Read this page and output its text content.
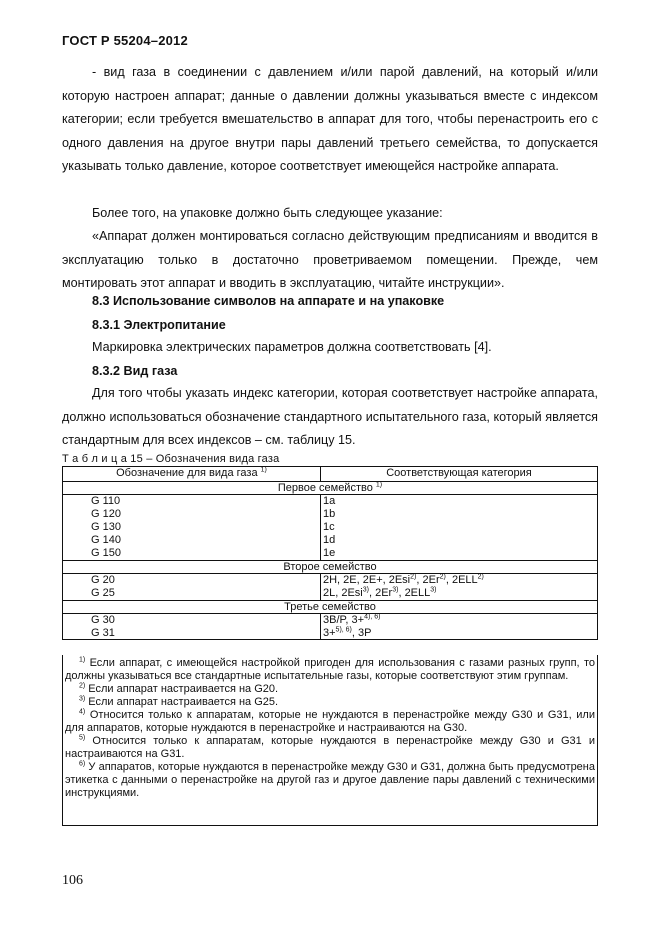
ГОСТ Р 55204–2012
- вид газа в соединении с давлением и/или парой давлений, на который и/или которую настроен аппарат; данные о давлении должны указываться вместе с индексом категории; если требуется вмешательство в аппарат для того, чтобы перенастроить его с одного давления на другое внутри пары давлений третьего семейства, то допускается указывать только давление, которое соответствует имеющейся настройке аппарата.
Более того, на упаковке должно быть следующее указание:
«Аппарат должен монтироваться согласно действующим предписаниям и вводится в эксплуатацию только в достаточно проветриваемом помещении. Прежде, чем монтировать этот аппарат и вводить в эксплуатацию, читайте инструкции».
8.3 Использование символов на аппарате и на упаковке
8.3.1 Электропитание
Маркировка электрических параметров должна соответствовать [4].
8.3.2 Вид газа
Для того чтобы указать индекс категории, которая соответствует настройке аппарата, должно использоваться обозначение стандартного испытательного газа, который является стандартным для всех индексов – см. таблицу 15.
Т а б л и ц а 15 – Обозначения вида газа
Обозначение для вида газа $^{1)}$	Соответствующая категория
Первое семейство $^{1)}$
G 110	1a
G 120	1b
G 130	1c
G 140	1d
G 150	1e
Второе семейство	
G 20	2H, 2E, 2E+, 2Esi$^{2)}$, 2Er$^{2)}$, 2ELL$^{2)}$
G 25	2L, 2Esi$^{3)}$, 2Er$^{3)}$, 2ELL$^{3)}$
Третье семейство	
G 30	3B/P, 3+$^{4), 6)}$
G 31	3+$^{5), 6)}$, 3P
$^{1)}$ Если аппарат, с имеющейся настройкой пригоден для использования с газами разных групп, то должны указываться все стандартные испытательные газы, которые соответствуют этим группам.
$^{2)}$ Если аппарат настраивается на G20.
$^{3)}$ Если аппарат настраивается на G25.
$^{4)}$ Относится только к аппаратам, которые не нуждаются в перенастройке между G30 и G31, или для аппаратов, которые нуждаются в перенастройке и настраиваются на G30.
$^{5)}$ Относится только к аппаратам, которые нуждаются в перенастройке между G30 и G31 и настраиваются на G31.
$^{6)}$ У аппаратов, которые нуждаются в перенастройке между G30 и G31, должна быть предусмотрена этикетка с данными о перенастройке на другой газ и другое давление пары давлений с техническими инструкциями.
106
